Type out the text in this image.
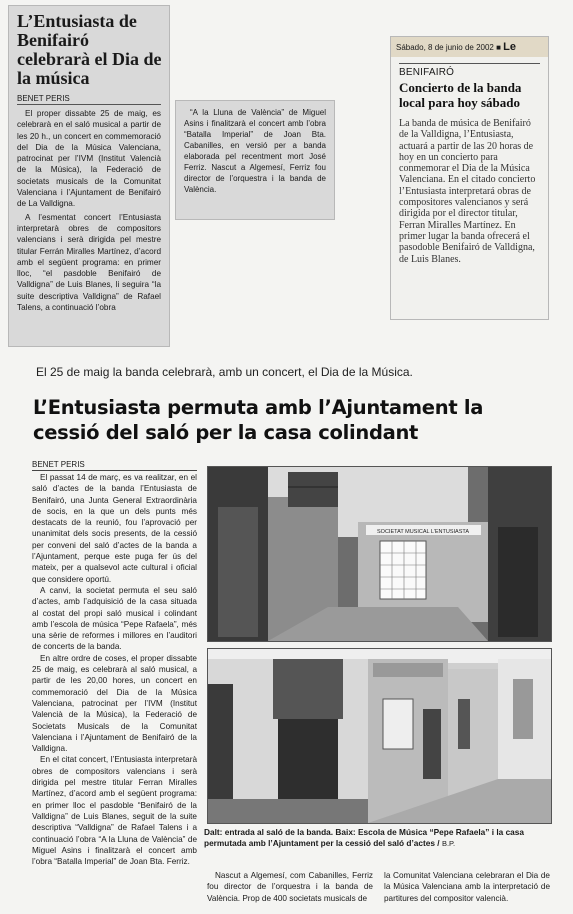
L’Entusiasta de Benifairó celebrarà el Dia de la música
BENET PERIS

El proper dissabte 25 de maig, es celebrarà en el saló musical a partir de les 20 h., un concert en commemoració del Dia de la Música Valenciana, patrocinat per l’IVM (Institut Valencià de la Música), la Federació de societats musicals de la Comunitat Valenciana i l’Ajuntament de Benifairó de La Valldigna.

A l’esmentat concert l’Entusiasta interpretarà obres de compositors valencians i serà dirigida pel mestre titular Ferrán Miralles Martínez, d’acord amb el següent programa: en primer lloc, “el pasdoble Benifairó de Valldigna” de Luis Blanes, li seguira “la suite descriptiva Valldigna” de Rafael Talens, a continuació l’obra

“A la Lluna de València” de Miguel Asins i finalitzarà el concert amb l’obra “Batalla Imperial” de Joan Bta. Cabanilles, en versió per a banda elaborada pel recentment mort José Ferriz. Nascut a Algemesí, Ferriz fou director de l’orquestra i la banda de València.

Sábado, 8 de junio de 2002 ■ Le
BENIFAIRÓ
Concierto de la banda local para hoy sábado

La banda de música de Benifairó de la Valldigna, l’Entusiasta, actuará a partir de las 20 horas de hoy en un concierto para conmemorar el Dia de la Música Valenciana. En el citado concierto l’Entusiasta interpretará obras de compositores valencianos y será dirigida por el director titular, Ferran Miralles Martínez. En primer lugar la banda ofrecerá el pasodoble Benifairó de Valldigna, de Luis Blanes.

El 25 de maig la banda celebrarà, amb un concert, el Dia de la Música.
L’Entusiasta permuta amb l’Ajuntament la cessió del saló per la casa colindant
BENET PERIS

El passat 14 de març, es va realitzar, en el saló d’actes de la banda l’Entusiasta de Benifairó, una Junta General Extraordinària de socis, en la que un dels punts més destacats de la reunió, fou l’aprovació per unanimitat dels socis presents, de la cessió per conveni del saló d’actes de la banda a l’Ajuntament, perque este puga fer ús del mateix, per a qualsevol acte cultural i oficial que considere oportú.

A canvi, la societat permuta el seu saló d’actes, amb l’adquisició de la casa situada al costat del propi saló musical i colindant amb l’escola de música “Pepe Rafaela”, més una sèrie de reformes i millores en l’auditori de concerts de la banda.

En altre ordre de coses, el proper dissabte 25 de maig, es celebrarà al saló musical, a partir de les 20,00 hores, un concert en commemoració del Dia de la Música Valenciana, patrocinat per l’IVM (Institut Valencià de la Música), la Federació de Societats Musicals de la Comunitat Valenciana i l’Ajuntament de Benifairó de la Valldigna.

En el citat concert, l’Entusiasta interpretarà obres de compositors valencians i serà dirigida pel mestre titular Ferran Miralles Martínez, d’acord amb el següent programa: en primer lloc el pasdoble “Benifairó de la Valldigna” de Luis Blanes, seguit de la suite descriptiva “Valldigna” de Rafael Talens i a continuació l’obra “A la Lluna de València” de Miguel Asins i finalitzarà el concert amb l’obra “Batalla Imperial” de Joan Bta. Ferriz.

SOCIETAT MUSICAL L’ENTUSIASTA
Dalt: entrada al saló de la banda. Baix: Escola de Música “Pepe Rafaela” i la casa permutada amb l’Ajuntament per la cessió del saló d’actes / B.P.

Nascut a Algemesí, com Cabanilles, Ferriz fou director de l’orquestra i la banda de València. Prop de 400 societats musicals de

la Comunitat Valenciana celebraran el Dia de la Música Valenciana amb la interpretació de partitures del compositor valencià.
